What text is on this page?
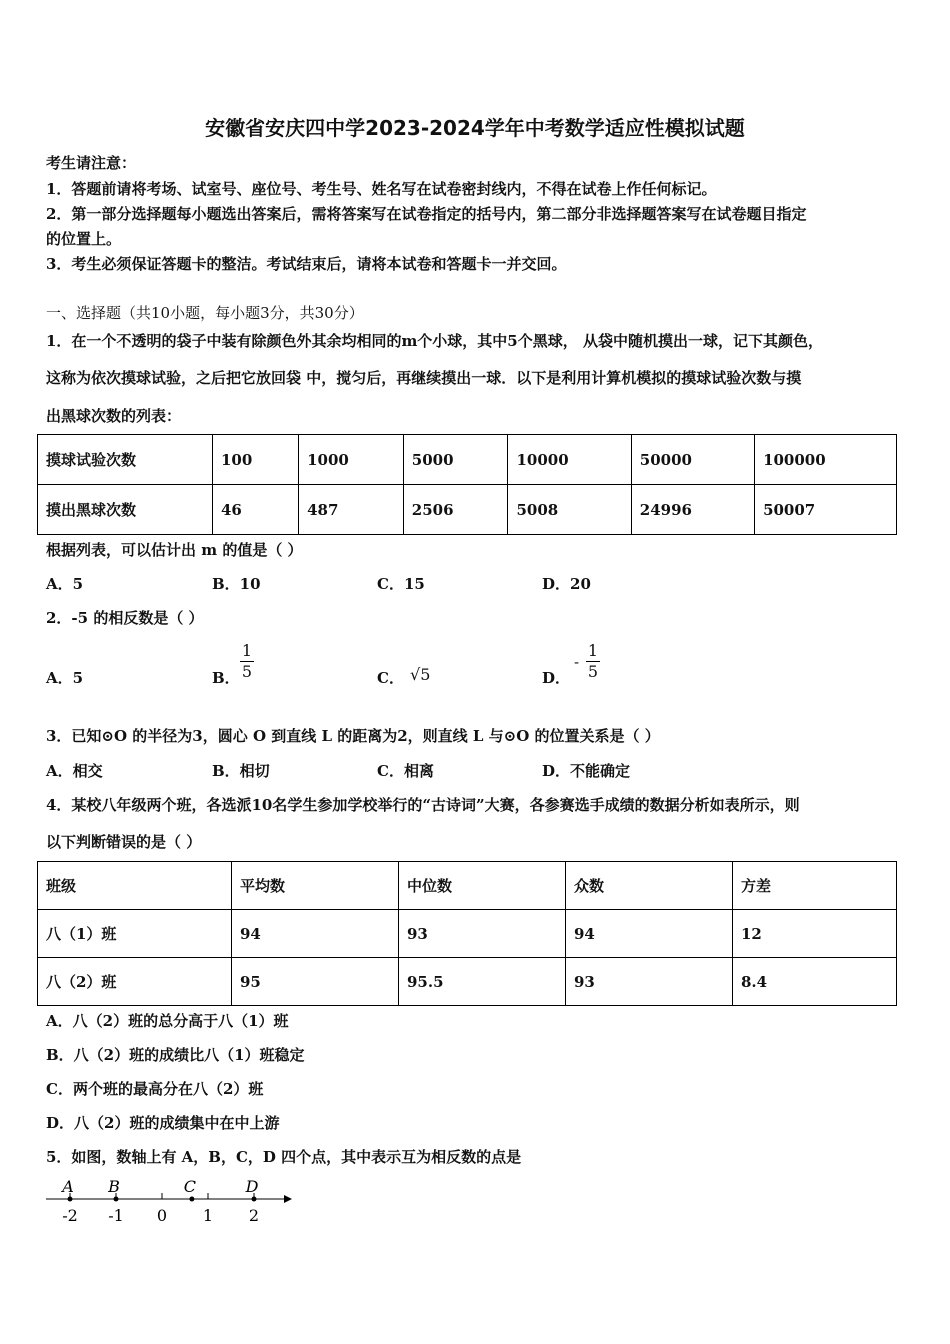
安徽省安庆四中学2023-2024学年中考数学适应性模拟试题
考生请注意：
1．答题前请将考场、试室号、座位号、考生号、姓名写在试卷密封线内，不得在试卷上作任何标记。
2．第一部分选择题每小题选出答案后，需将答案写在试卷指定的括号内，第二部分非选择题答案写在试卷题目指定
的位置上。
3．考生必须保证答题卡的整洁。考试结束后，请将本试卷和答题卡一并交回。
一、选择题（共10小题，每小题3分，共30分）
1．在一个不透明的袋子中装有除颜色外其余均相同的m个小球，其中5个黑球， 从袋中随机摸出一球，记下其颜色，
这称为依次摸球试验，之后把它放回袋 中，搅匀后，再继续摸出一球．以下是利用计算机模拟的摸球试验次数与摸
出黑球次数的列表：
摸球试验次数	100	1000	5000	10000	50000	100000
摸出黑球次数	46	487	2506	5008	24996	50007
根据列表，可以估计出 m 的值是（ ）
A．5	B．10	C．15	D．20
2．-5 的相反数是（ ）
A．5	B．
1
5	C． √5	D．
-
1
5
3．已知⊙O 的半径为3，圆心 O 到直线 L 的距离为2，则直线 L 与⊙O 的位置关系是（ ）
A．相交	B．相切	C．相离	D．不能确定
4．某校八年级两个班，各选派10名学生参加学校举行的“古诗词”大赛，各参赛选手成绩的数据分析如表所示，则
以下判断错误的是（ ）
班级	平均数	中位数	众数	方差
八（1）班	94	93	94	12
八（2）班	95	95.5	93	8.4
A．八（2）班的总分高于八（1）班
B．八（2）班的成绩比八（1）班稳定
C．两个班的最高分在八（2）班
D．八（2）班的成绩集中在中上游
5．如图，数轴上有 A，B，C，D 四个点，其中表示互为相反数的点是
-2 -1 0 1 2
A B	C	D
